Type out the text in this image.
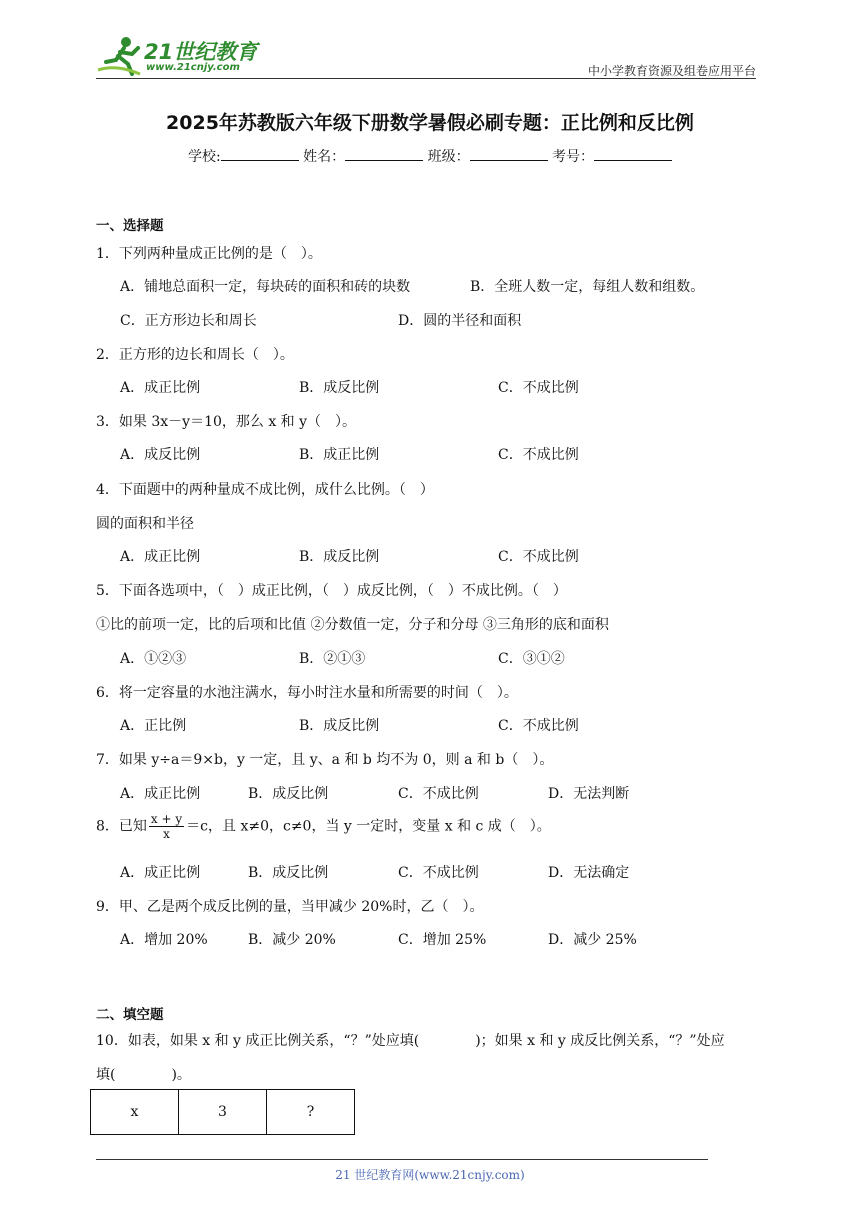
21世纪教育
www.21cnjy.com	中小学教育资源及组卷应用平台
2025年苏教版六年级下册数学暑假必刷专题：正比例和反比例
学校:	姓名：	班级：	考号：
一、选择题
1．下列两种量成正比例的是（　）。
A．铺地总面积一定，每块砖的面积和砖的块数	B．全班人数一定，每组人数和组数。
C．正方形边长和周长	D．圆的半径和面积
2．正方形的边长和周长（　）。
A．成正比例	B．成反比例	C．不成比例
3．如果 3x－y＝10，那么 x 和 y（　）。
A．成反比例	B．成正比例	C．不成比例
4．下面题中的两种量成不成比例，成什么比例。（　）
圆的面积和半径
A．成正比例	B．成反比例	C．不成比例
5．下面各选项中，（　）成正比例，（　）成反比例，（　）不成比例。（　）
①比的前项一定，比的后项和比值 ②分数值一定，分子和分母 ③三角形的底和面积
A．①②③	B．②①③	C．③①②
6．将一定容量的水池注满水，每小时注水量和所需要的时间（　）。
A．正比例	B．成反比例	C．不成比例
7．如果 y÷a＝9×b，y 一定，且 y、a 和 b 均不为 0，则 a 和 b（　）。
A．成正比例	B．成反比例	C．不成比例	D．无法判断
8．已知 $\frac{x + y}{x} =c$，且 x≠0，c≠0，当 y 一定时，变量 x 和 c 成（　）。
A．成正比例	B．成反比例	C．不成比例	D．无法确定
9．甲、乙是两个成反比例的量，当甲减少 20%时，乙（　）。
A．增加 20%	B．减少 20%	C．增加 25%	D．减少 25%
二、填空题
10．如表，如果 x 和 y 成正比例关系，“？”处应填(　　　　)；如果 x 和 y 成反比例关系，“？”处应
填(　　　　)。
x	3	?
21 世纪教育网(www.21cnjy.com)
